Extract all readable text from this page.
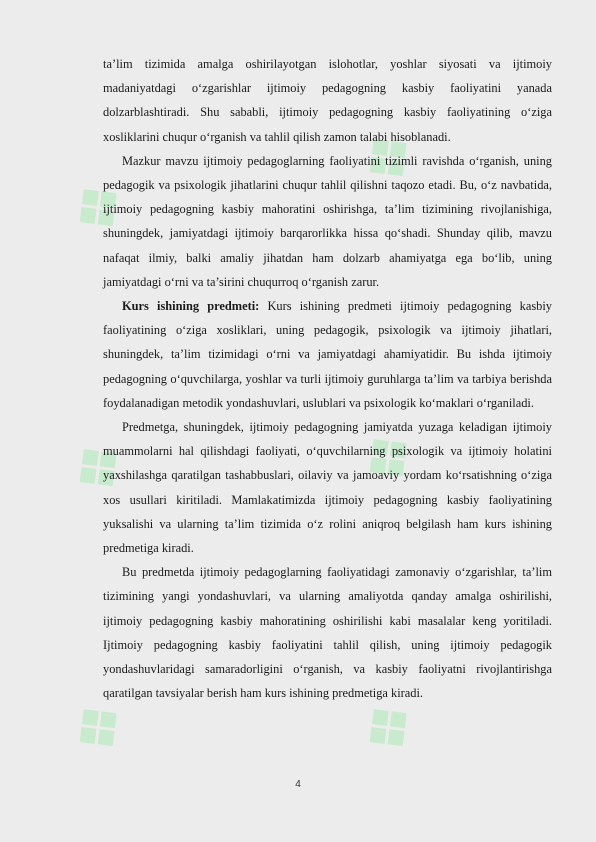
❖
❖
❖	❖
❖	❖

ta’lim tizimida amalga oshirilayotgan islohotlar, yoshlar siyosati va ijtimoiy madaniyatdagi o‘zgarishlar ijtimoiy pedagogning kasbiy faoliyatini yanada dolzarblashtiradi. Shu sababli, ijtimoiy pedagogning kasbiy faoliyatining o‘ziga xosliklarini chuqur o‘rganish va tahlil qilish zamon talabi hisoblanadi.

Mazkur mavzu ijtimoiy pedagoglarning faoliyatini tizimli ravishda o‘rganish, uning pedagogik va psixologik jihatlarini chuqur tahlil qilishni taqozo etadi. Bu, o‘z navbatida, ijtimoiy pedagogning kasbiy mahoratini oshirishga, ta’lim tizimining rivojlanishiga, shuningdek, jamiyatdagi ijtimoiy barqarorlikka hissa qo‘shadi. Shunday qilib, mavzu nafaqat ilmiy, balki amaliy jihatdan ham dolzarb ahamiyatga ega bo‘lib, uning jamiyatdagi o‘rni va ta’sirini chuqurroq o‘rganish zarur.

Kurs ishining predmeti: Kurs ishining predmeti ijtimoiy pedagogning kasbiy faoliyatining o‘ziga xosliklari, uning pedagogik, psixologik va ijtimoiy jihatlari, shuningdek, ta’lim tizimidagi o‘rni va jamiyatdagi ahamiyatidir. Bu ishda ijtimoiy pedagogning o‘quvchilarga, yoshlar va turli ijtimoiy guruhlarga ta’lim va tarbiya berishda foydalanadigan metodik yondashuvlari, uslublari va psixologik ko‘maklari o‘rganiladi.

Predmetga, shuningdek, ijtimoiy pedagogning jamiyatda yuzaga keladigan ijtimoiy muammolarni hal qilishdagi faoliyati, o‘quvchilarning psixologik va ijtimoiy holatini yaxshilashga qaratilgan tashabbuslari, oilaviy va jamoaviy yordam ko‘rsatishning o‘ziga xos usullari kiritiladi. Mamlakatimizda ijtimoiy pedagogning kasbiy faoliyatining yuksalishi va ularning ta’lim tizimida o‘z rolini aniqroq belgilash ham kurs ishining predmetiga kiradi.

Bu predmetda ijtimoiy pedagoglarning faoliyatidagi zamonaviy o‘zgarishlar, ta’lim tizimining yangi yondashuvlari, va ularning amaliyotda qanday amalga oshirilishi, ijtimoiy pedagogning kasbiy mahoratining oshirilishi kabi masalalar keng yoritiladi. Ijtimoiy pedagogning kasbiy faoliyatini tahlil qilish, uning ijtimoiy pedagogik yondashuvlaridagi samaradorligini o‘rganish, va kasbiy faoliyatni rivojlantirishga qaratilgan tavsiyalar berish ham kurs ishining predmetiga kiradi.

4
